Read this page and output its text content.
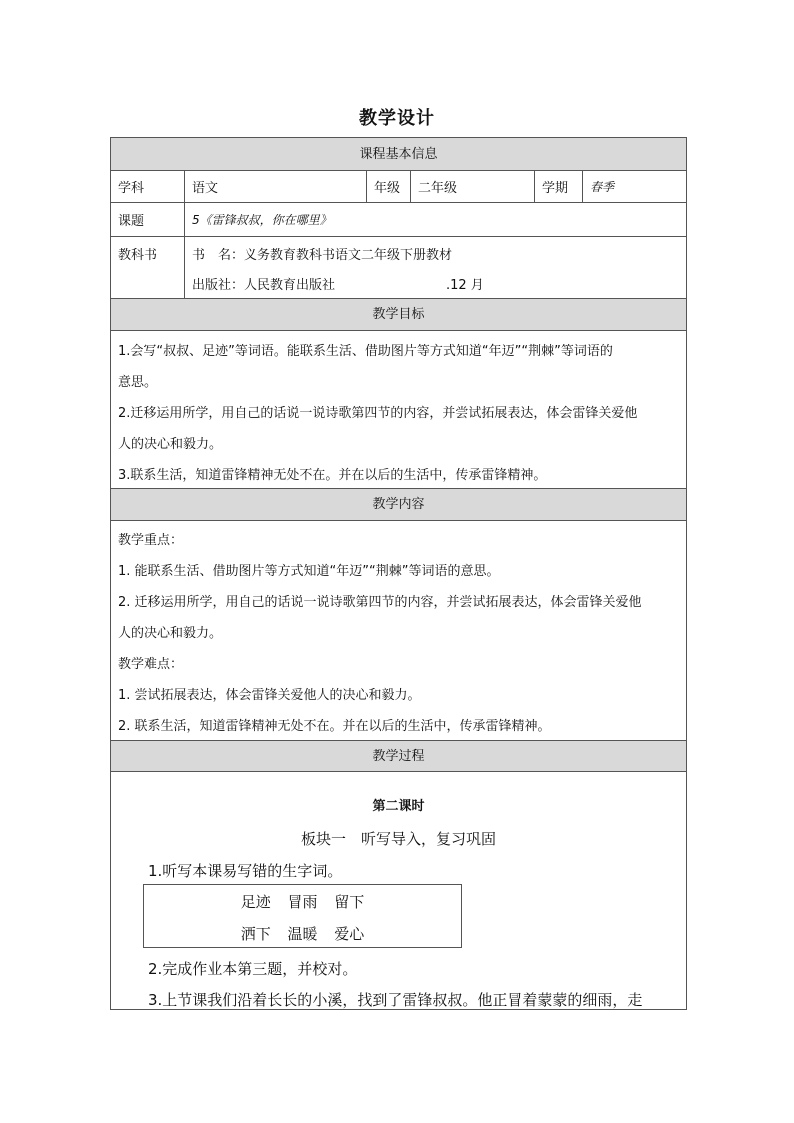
教学设计
课程基本信息
学科	语文	年级	二年级	学期	春季
课题	5《雷锋叔叔，你在哪里》
教科书	书　名：义务教育教科书语文二年级下册教材
出版社：人民教育出版社	.12 月
教学目标
1.会写“叔叔、足迹”等词语。能联系生活、借助图片等方式知道“年迈”“荆棘”等词语的
意思。
2.迁移运用所学，用自己的话说一说诗歌第四节的内容，并尝试拓展表达，体会雷锋关爱他
人的决心和毅力。
3.联系生活，知道雷锋精神无处不在。并在以后的生活中，传承雷锋精神。
教学内容
教学重点：
1. 能联系生活、借助图片等方式知道“年迈”“荆棘”等词语的意思。
2. 迁移运用所学，用自己的话说一说诗歌第四节的内容，并尝试拓展表达，体会雷锋关爱他
人的决心和毅力。
教学难点：
1. 尝试拓展表达，体会雷锋关爱他人的决心和毅力。
2. 联系生活，知道雷锋精神无处不在。并在以后的生活中，传承雷锋精神。
教学过程
第二课时
板块一　听写导入，复习巩固
1.听写本课易写错的生字词。
足迹 冒雨 留下
洒下 温暖 爱心
2.完成作业本第三题，并校对。
3.上节课我们沿着长长的小溪，找到了雷锋叔叔。他正冒着蒙蒙的细雨，走
